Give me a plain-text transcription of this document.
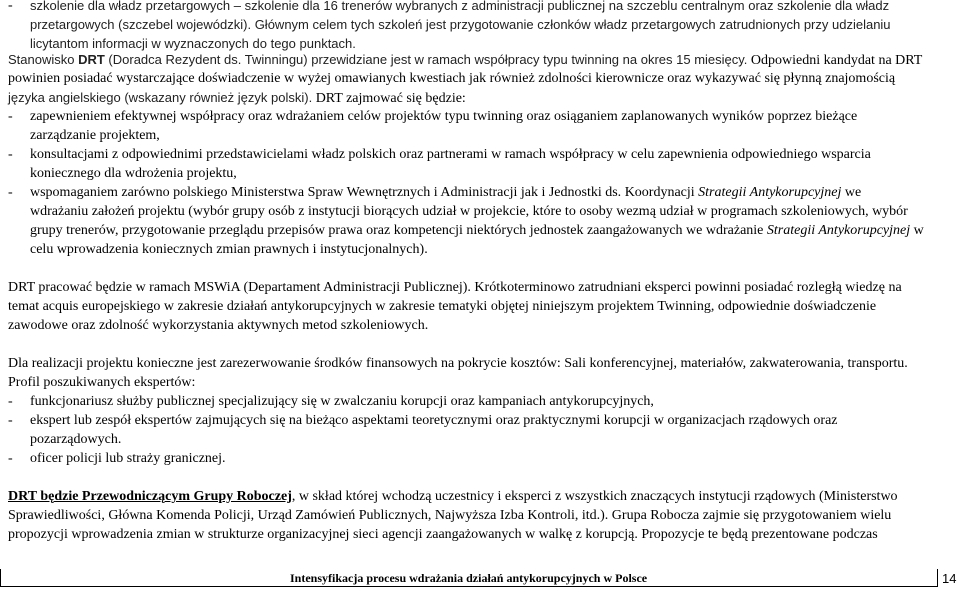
- szkolenie dla władz przetargowych – szkolenie dla 16 trenerów wybranych z administracji publicznej na szczeblu centralnym oraz szkolenie dla władz
przetargowych (szczebel wojewódzki). Głównym celem tych szkoleń jest przygotowanie członków władz przetargowych zatrudnionych przy udzielaniu
licytantom informacji w wyznaczonych do tego punktach.
Stanowisko DRT (Doradca Rezydent ds. Twinningu) przewidziane jest w ramach współpracy typu twinning na okres 15 miesięcy. Odpowiedni kandydat na DRT
powinien posiadać wystarczające doświadczenie w wyżej omawianych kwestiach jak również zdolności kierownicze oraz wykazywać się płynną znajomością
języka angielskiego (wskazany również język polski). DRT zajmować się będzie:
- zapewnieniem efektywnej współpracy oraz wdrażaniem celów projektów typu twinning oraz osiąganiem zaplanowanych wyników poprzez bieżące
zarządzanie projektem,
- konsultacjami z odpowiednimi przedstawicielami władz polskich oraz partnerami w ramach współpracy w celu zapewnienia odpowiedniego wsparcia
koniecznego dla wdrożenia projektu,
- wspomaganiem zarówno polskiego Ministerstwa Spraw Wewnętrznych i Administracji jak i Jednostki ds. Koordynacji Strategii Antykorupcyjnej we
wdrażaniu założeń projektu (wybór grupy osób z instytucji biorących udział w projekcie, które to osoby wezmą udział w programach szkoleniowych, wybór
grupy trenerów, przygotowanie przeglądu przepisów prawa oraz kompetencji niektórych jednostek zaangażowanych we wdrażanie Strategii Antykorupcyjnej w
celu wprowadzenia koniecznych zmian prawnych i instytucjonalnych).
DRT pracować będzie w ramach MSWiA (Departament Administracji Publicznej). Krótkoterminowo zatrudniani eksperci powinni posiadać rozległą wiedzę na
temat acquis europejskiego w zakresie działań antykorupcyjnych w zakresie tematyki objętej niniejszym projektem Twinning, odpowiednie doświadczenie
zawodowe oraz zdolność wykorzystania aktywnych metod szkoleniowych.
Dla realizacji projektu konieczne jest zarezerwowanie środków finansowych na pokrycie kosztów: Sali konferencyjnej, materiałów, zakwaterowania, transportu.
Profil poszukiwanych ekspertów:
- funkcjonariusz służby publicznej specjalizujący się w zwalczaniu korupcji oraz kampaniach antykorupcyjnych,
- ekspert lub zespół ekspertów zajmujących się na bieżąco aspektami teoretycznymi oraz praktycznymi korupcji w organizacjach rządowych oraz
pozarządowych.
- oficer policji lub straży granicznej.
DRT będzie Przewodniczącym Grupy Roboczej, w skład której wchodzą uczestnicy i eksperci z wszystkich znaczących instytucji rządowych (Ministerstwo
Sprawiedliwości, Główna Komenda Policji, Urząd Zamówień Publicznych, Najwyższa Izba Kontroli, itd.). Grupa Robocza zajmie się przygotowaniem wielu
propozycji wprowadzenia zmian w strukturze organizacyjnej sieci agencji zaangażowanych w walkę z korupcją. Propozycje te będą prezentowane podczas
Intensyfikacja procesu wdrażania działań antykorupcyjnych w Polsce	14
